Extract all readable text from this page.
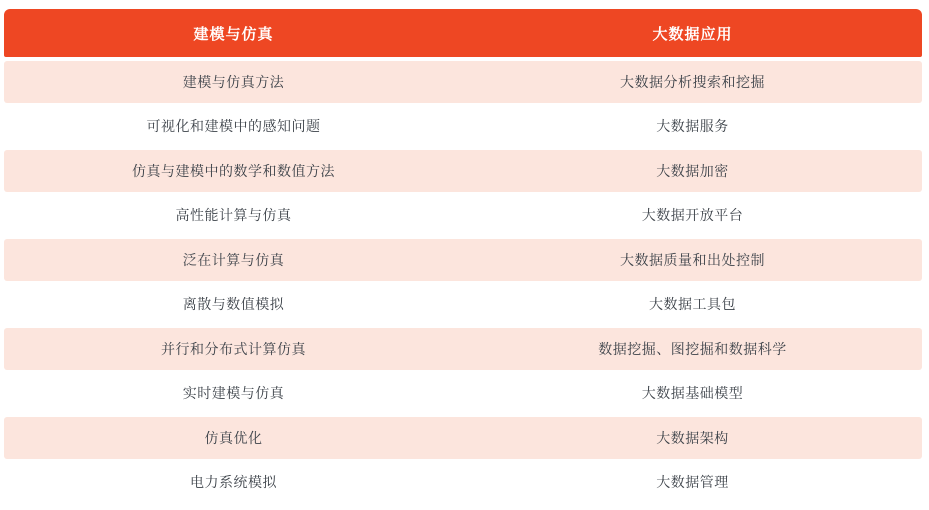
建模与仿真	大数据应用
建模与仿真方法	大数据分析搜索和挖掘
可视化和建模中的感知问题	大数据服务
仿真与建模中的数学和数值方法	大数据加密
高性能计算与仿真	大数据开放平台
泛在计算与仿真	大数据质量和出处控制
离散与数值模拟	大数据工具包
并行和分布式计算仿真	数据挖掘、图挖掘和数据科学
实时建模与仿真	大数据基础模型
仿真优化	大数据架构
电力系统模拟	大数据管理
